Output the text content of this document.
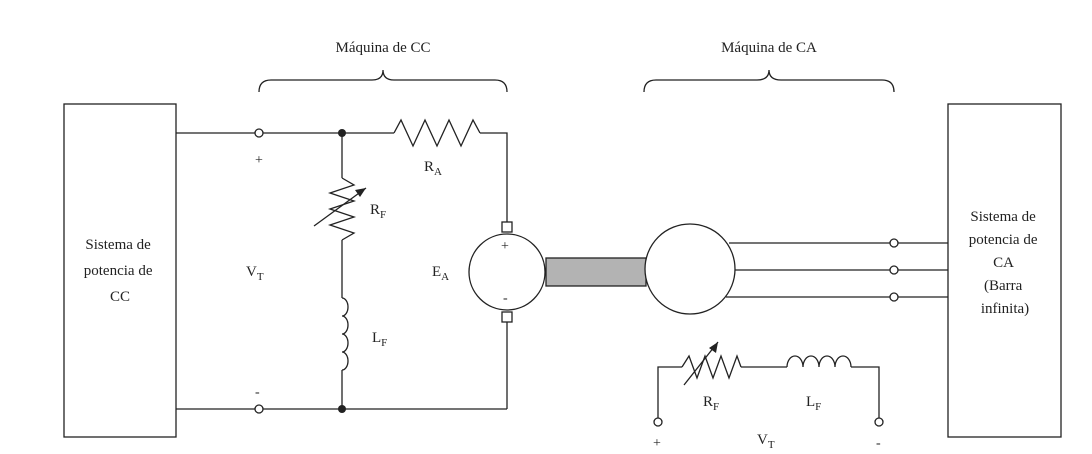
Máquina de CC	Máquina de CA
Sistema de potencia de CC
$R_A$
+
-
$V_T$
$R_F$
$L_F$
+
-
$E_A$
$R_F$	$L_F$
$V_T$
+	-
Sistema de potencia de CA (Barra infinita)
